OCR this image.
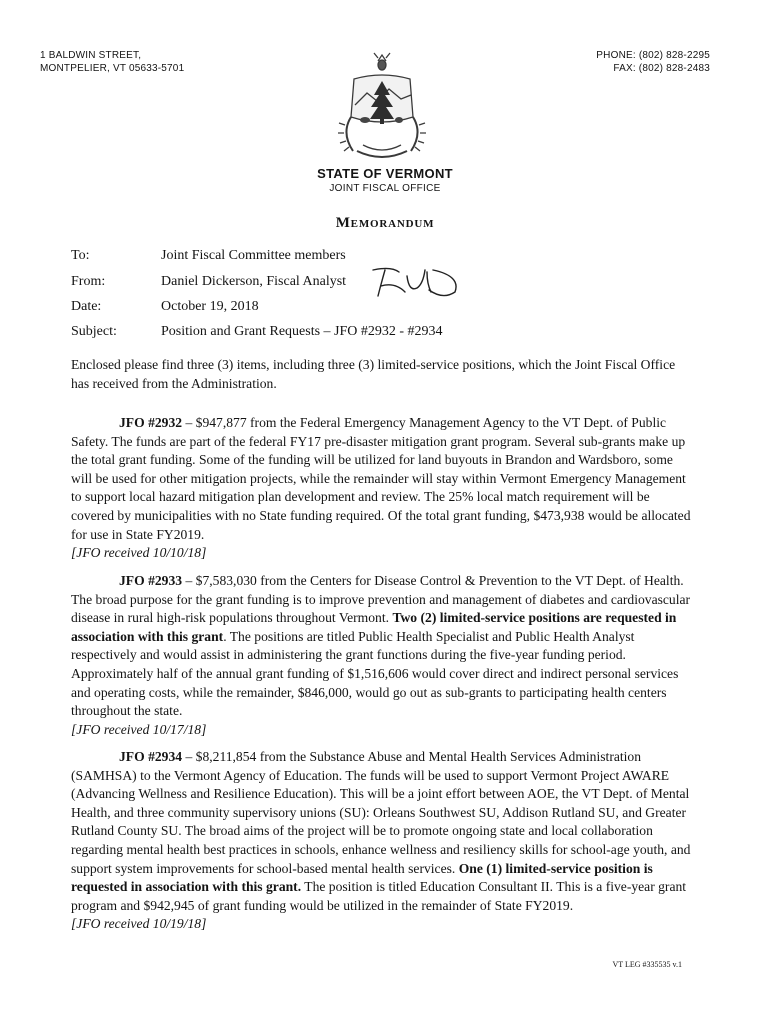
1 BALDWIN STREET,
MONTPELIER, VT 05633-5701
PHONE: (802) 828-2295
FAX: (802) 828-2483
STATE OF VERMONT
JOINT FISCAL OFFICE
Memorandum
To:	Joint Fiscal Committee members
From:	Daniel Dickerson, Fiscal Analyst
Date:	October 19, 2018
Subject:	Position and Grant Requests – JFO #2932 - #2934

Enclosed please find three (3) items, including three (3) limited-service positions, which the Joint Fiscal Office has received from the Administration.

JFO #2932 – $947,877 from the Federal Emergency Management Agency to the VT Dept. of Public Safety. The funds are part of the federal FY17 pre-disaster mitigation grant program. Several sub-grants make up the total grant funding. Some of the funding will be utilized for land buyouts in Brandon and Wardsboro, some will be used for other mitigation projects, while the remainder will stay within Vermont Emergency Management to support local hazard mitigation plan development and review. The 25% local match requirement will be covered by municipalities with no State funding required. Of the total grant funding, $473,938 would be allocated for use in State FY2019.
[JFO received 10/10/18]

JFO #2933 – $7,583,030 from the Centers for Disease Control & Prevention to the VT Dept. of Health. The broad purpose for the grant funding is to improve prevention and management of diabetes and cardiovascular disease in rural high-risk populations throughout Vermont. Two (2) limited-service positions are requested in association with this grant. The positions are titled Public Health Specialist and Public Health Analyst respectively and would assist in administering the grant functions during the five-year funding period. Approximately half of the annual grant funding of $1,516,606 would cover direct and indirect personal services and operating costs, while the remainder, $846,000, would go out as sub-grants to participating health centers throughout the state.
[JFO received 10/17/18]

JFO #2934 – $8,211,854 from the Substance Abuse and Mental Health Services Administration (SAMHSA) to the Vermont Agency of Education. The funds will be used to support Vermont Project AWARE (Advancing Wellness and Resilience Education). This will be a joint effort between AOE, the VT Dept. of Mental Health, and three community supervisory unions (SU): Orleans Southwest SU, Addison Rutland SU, and Greater Rutland County SU. The broad aims of the project will be to promote ongoing state and local collaboration regarding mental health best practices in schools, enhance wellness and resiliency skills for school-age youth, and support system improvements for school-based mental health services. One (1) limited-service position is requested in association with this grant. The position is titled Education Consultant II. This is a five-year grant program and $942,945 of grant funding would be utilized in the remainder of State FY2019.
[JFO received 10/19/18]

VT LEG #335535 v.1
